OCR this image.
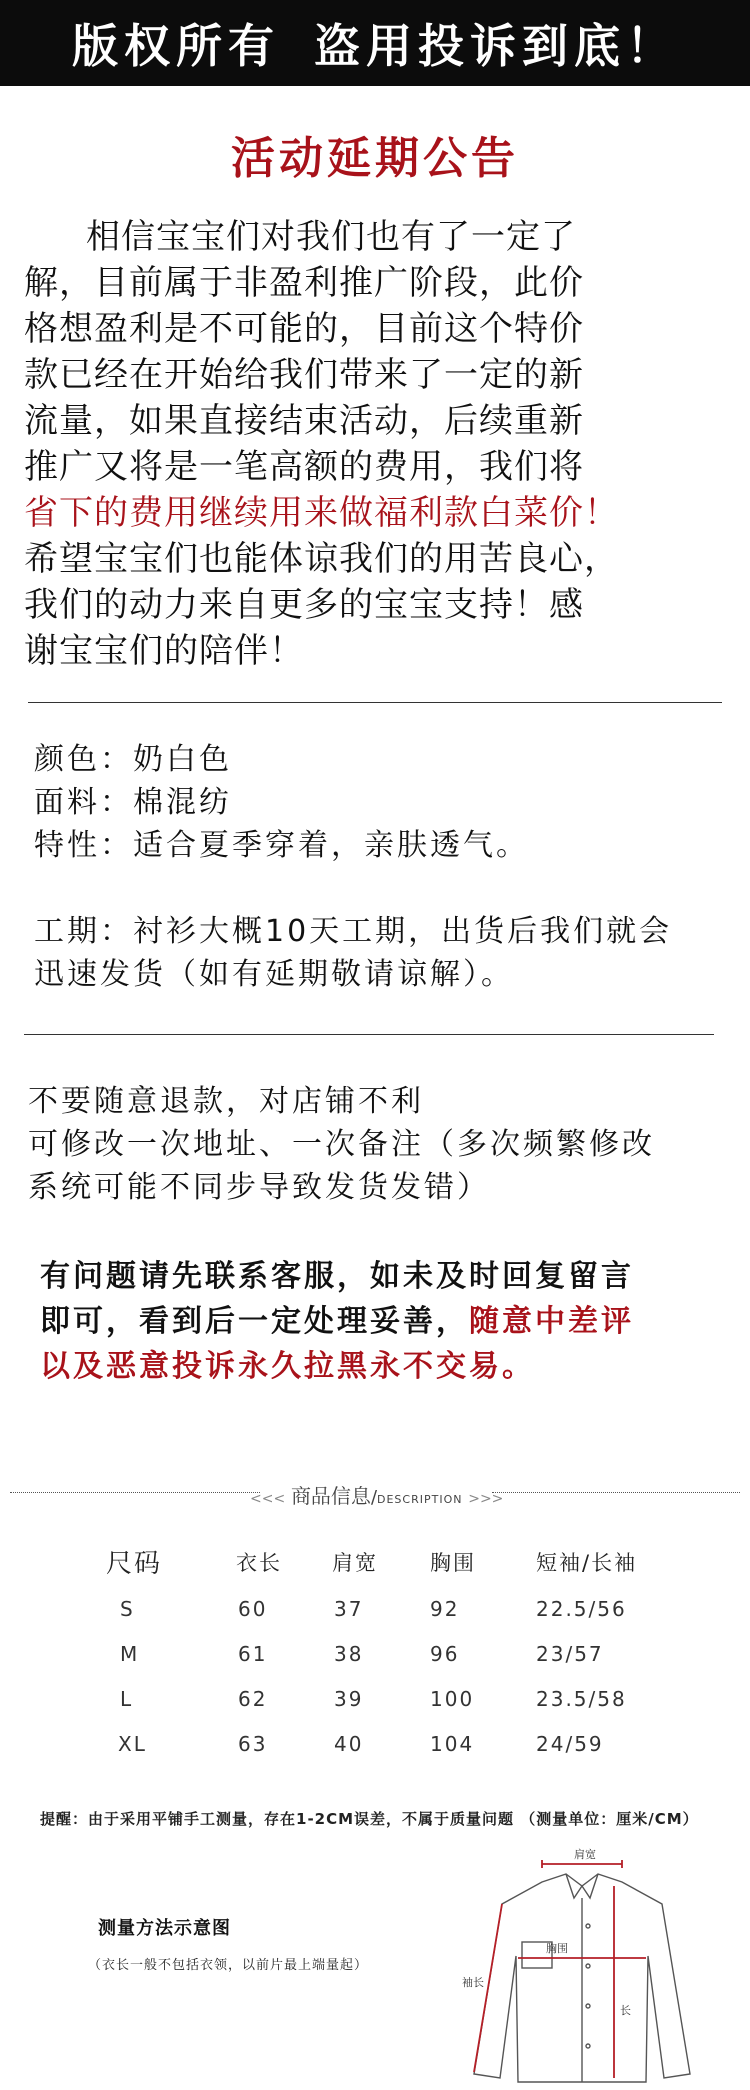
版权所有 盗用投诉到底！
活动延期公告
相信宝宝们对我们也有了一定了
解，目前属于非盈利推广阶段，此价
格想盈利是不可能的，目前这个特价
款已经在开始给我们带来了一定的新
流量，如果直接结束活动，后续重新
推广又将是一笔高额的费用，我们将
省下的费用继续用来做福利款白菜价！
希望宝宝们也能体谅我们的用苦良心，
我们的动力来自更多的宝宝支持！感
谢宝宝们的陪伴！
颜色：奶白色
面料：棉混纺
特性：适合夏季穿着，亲肤透气。
工期：衬衫大概10天工期，出货后我们就会
迅速发货（如有延期敬请谅解）。
不要随意退款，对店铺不利
可修改一次地址、一次备注（多次频繁修改
系统可能不同步导致发货发错）
有问题请先联系客服，如未及时回复留言
即可，看到后一定处理妥善，随意中差评
以及恶意投诉永久拉黑永不交易。
<<< 商品信息/DESCRIPTION >>>
尺码	衣长 肩宽 胸围	短袖/长袖
S	60	37	92	22.5/56
M	61	38	96	23/57
L	62	39	100	23.5/58
XL	63	40	104	24/59
提醒：由于采用平铺手工测量，存在1-2CM误差，不属于质量问题 （测量单位：厘米/CM）
测量方法示意图
（衣长一般不包括衣领，以前片最上端量起）
肩宽
胸围
袖长
长
